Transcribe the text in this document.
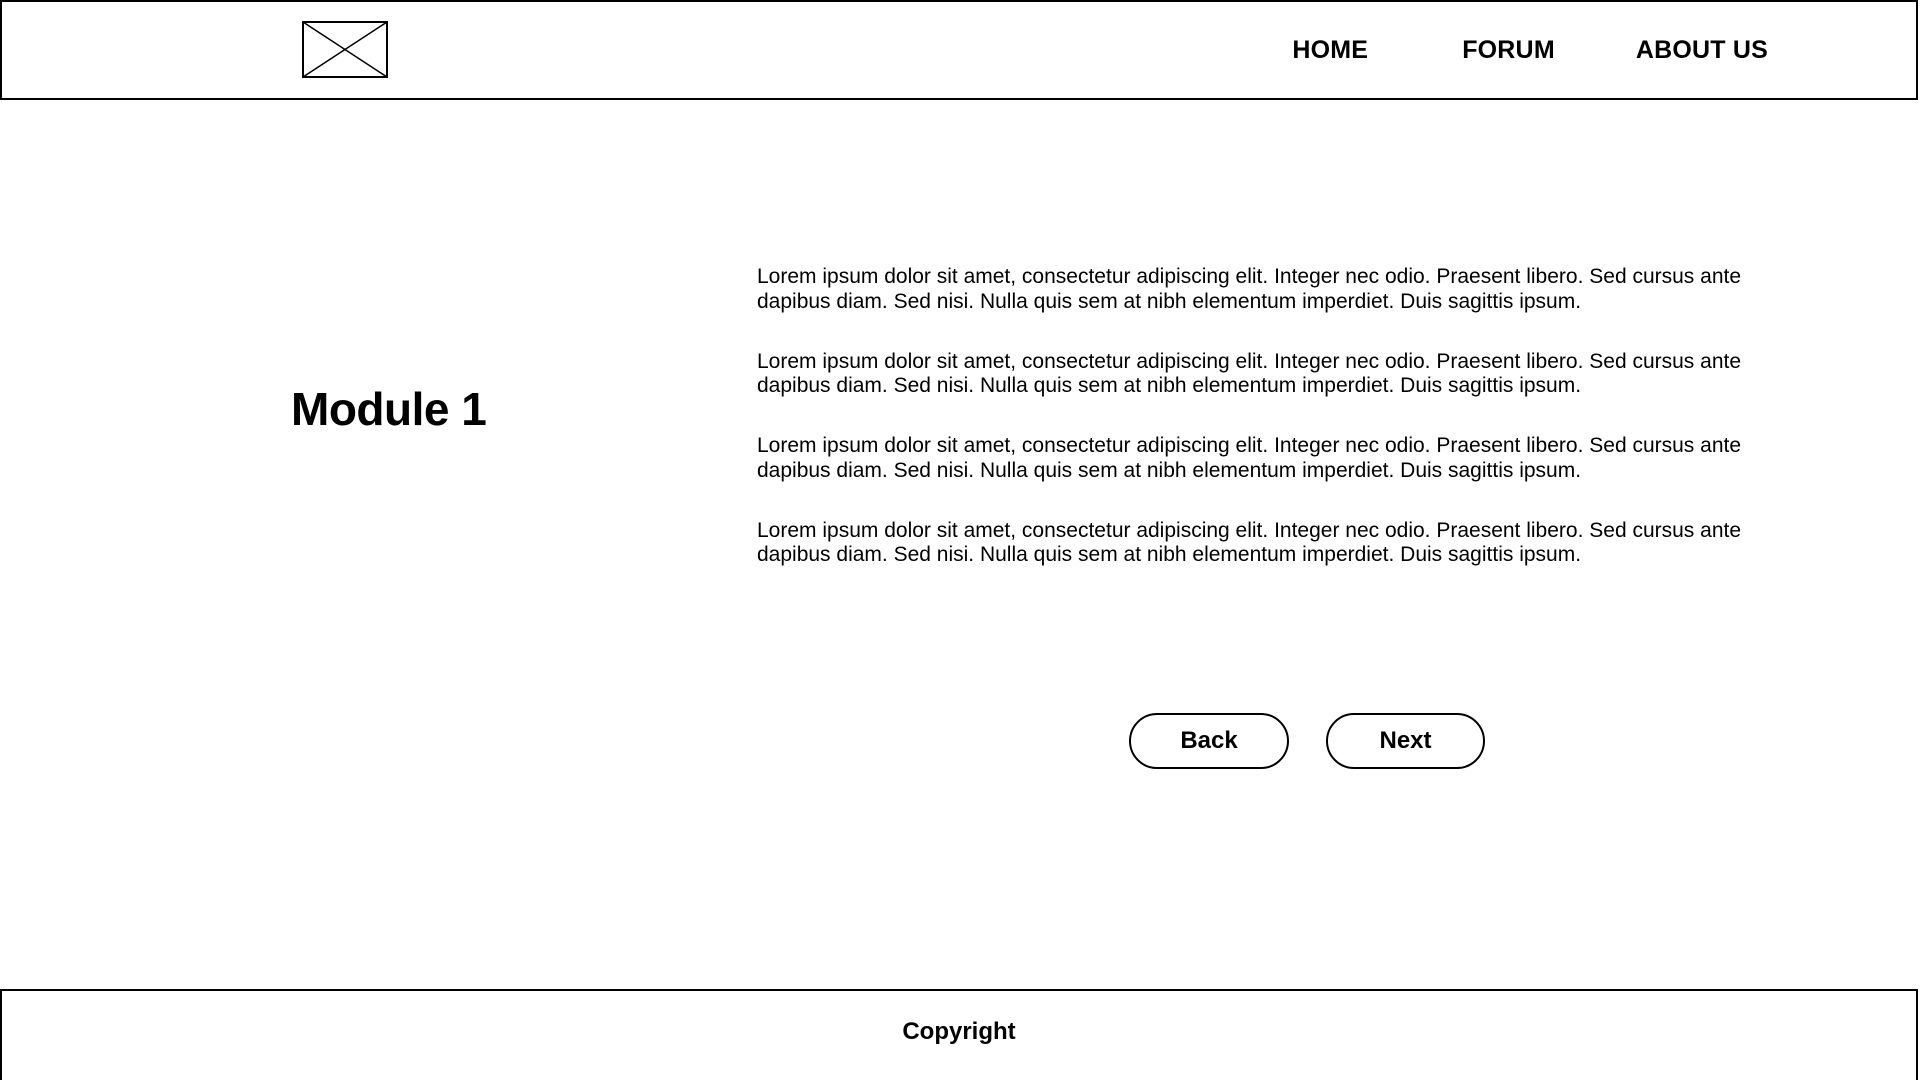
HOME	FORUM	ABOUT US
Module 1

Lorem ipsum dolor sit amet, consectetur adipiscing elit. Integer nec odio. Praesent libero. Sed cursus ante dapibus diam. Sed nisi. Nulla quis sem at nibh elementum imperdiet. Duis sagittis ipsum.

Lorem ipsum dolor sit amet, consectetur adipiscing elit. Integer nec odio. Praesent libero. Sed cursus ante dapibus diam. Sed nisi. Nulla quis sem at nibh elementum imperdiet. Duis sagittis ipsum.

Lorem ipsum dolor sit amet, consectetur adipiscing elit. Integer nec odio. Praesent libero. Sed cursus ante dapibus diam. Sed nisi. Nulla quis sem at nibh elementum imperdiet. Duis sagittis ipsum.

Lorem ipsum dolor sit amet, consectetur adipiscing elit. Integer nec odio. Praesent libero. Sed cursus ante dapibus diam. Sed nisi. Nulla quis sem at nibh elementum imperdiet. Duis sagittis ipsum.

Back	Next
Copyright
